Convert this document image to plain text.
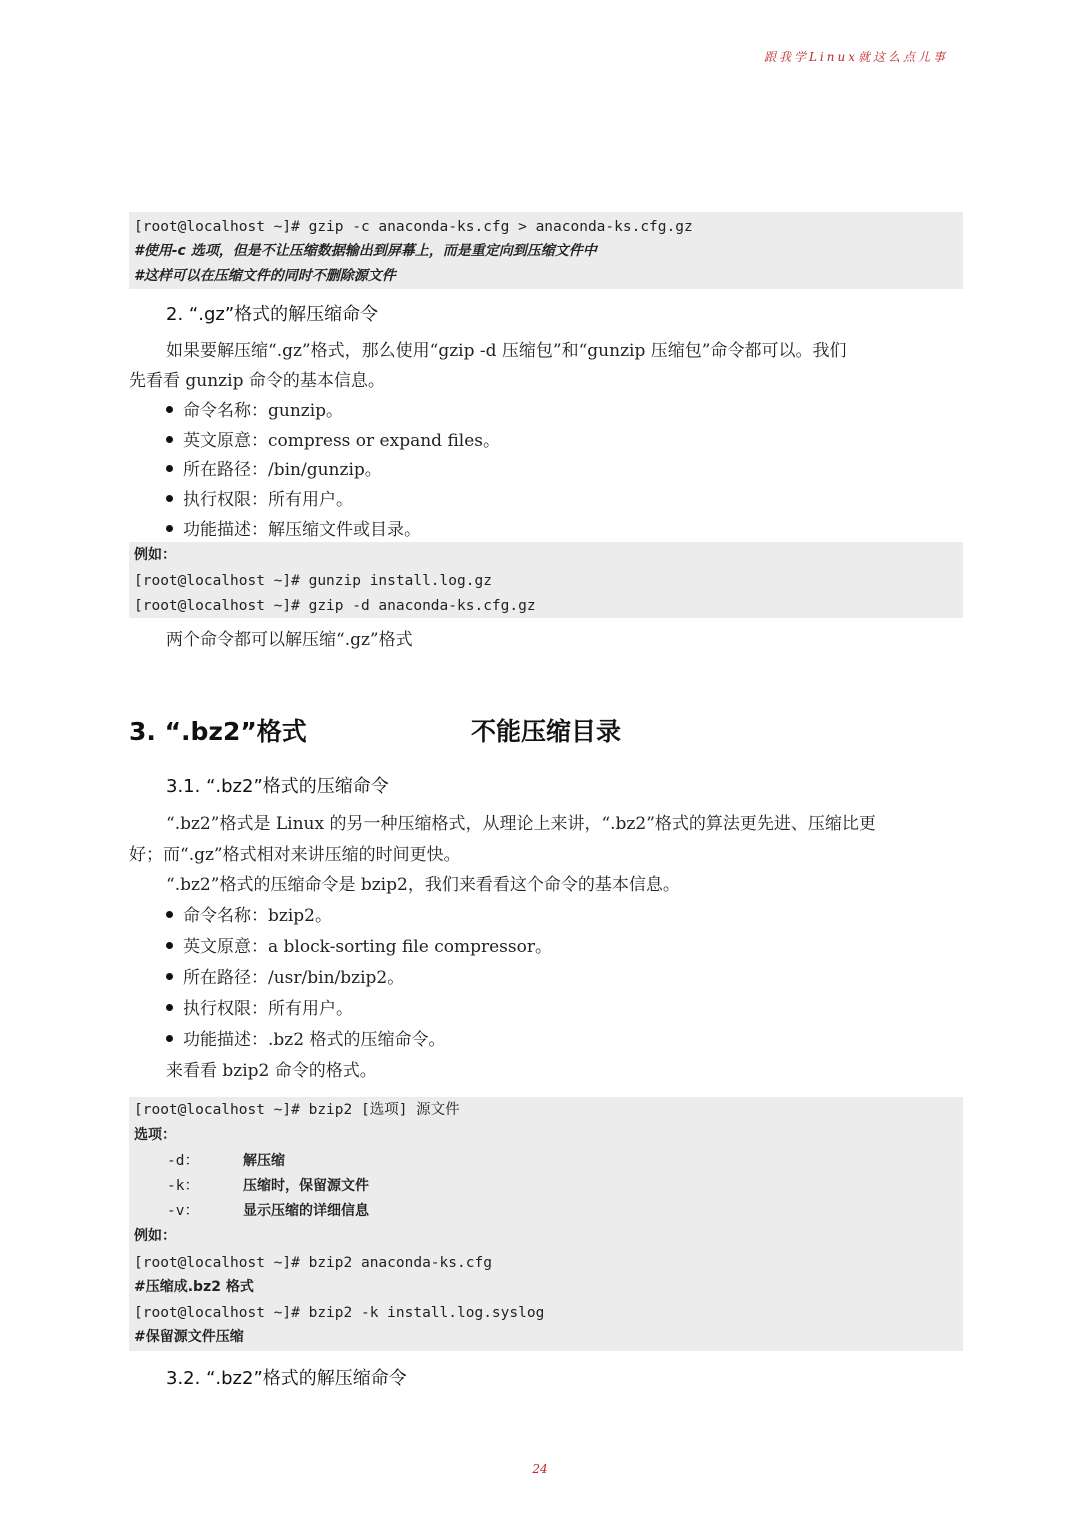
跟我学Linux就这么点儿事
[root@localhost ~]# gzip -c anaconda-ks.cfg > anaconda-ks.cfg.gz
#使用-c 选项，但是不让压缩数据输出到屏幕上，而是重定向到压缩文件中
#这样可以在压缩文件的同时不删除源文件
2. “.gz”格式的解压缩命令
如果要解压缩“.gz”格式，那么使用“gzip -d 压缩包”和“gunzip 压缩包”命令都可以。我们
先看看 gunzip 命令的基本信息。
命令名称：gunzip。
英文原意：compress or expand files。
所在路径：/bin/gunzip。
执行权限：所有用户。
功能描述：解压缩文件或目录。
例如：
[root@localhost ~]# gunzip install.log.gz
[root@localhost ~]# gzip -d anaconda-ks.cfg.gz
两个命令都可以解压缩“.gz”格式
3. “.bz2”格式	不能压缩目录
3.1. “.bz2”格式的压缩命令
“.bz2”格式是 Linux 的另一种压缩格式，从理论上来讲，“.bz2”格式的算法更先进、压缩比更
好；而“.gz”格式相对来讲压缩的时间更快。
“.bz2”格式的压缩命令是 bzip2，我们来看看这个命令的基本信息。
命令名称：bzip2。
英文原意：a block-sorting file compressor。
所在路径：/usr/bin/bzip2。
执行权限：所有用户。
功能描述：.bz2 格式的压缩命令。
来看看 bzip2 命令的格式。
[root@localhost ~]# bzip2 [选项] 源文件
选项：
-d：	解压缩
-k：	压缩时，保留源文件
-v：	显示压缩的详细信息
例如：
[root@localhost ~]# bzip2 anaconda-ks.cfg
#压缩成.bz2 格式
[root@localhost ~]# bzip2 -k install.log.syslog
#保留源文件压缩
3.2. “.bz2”格式的解压缩命令
24
